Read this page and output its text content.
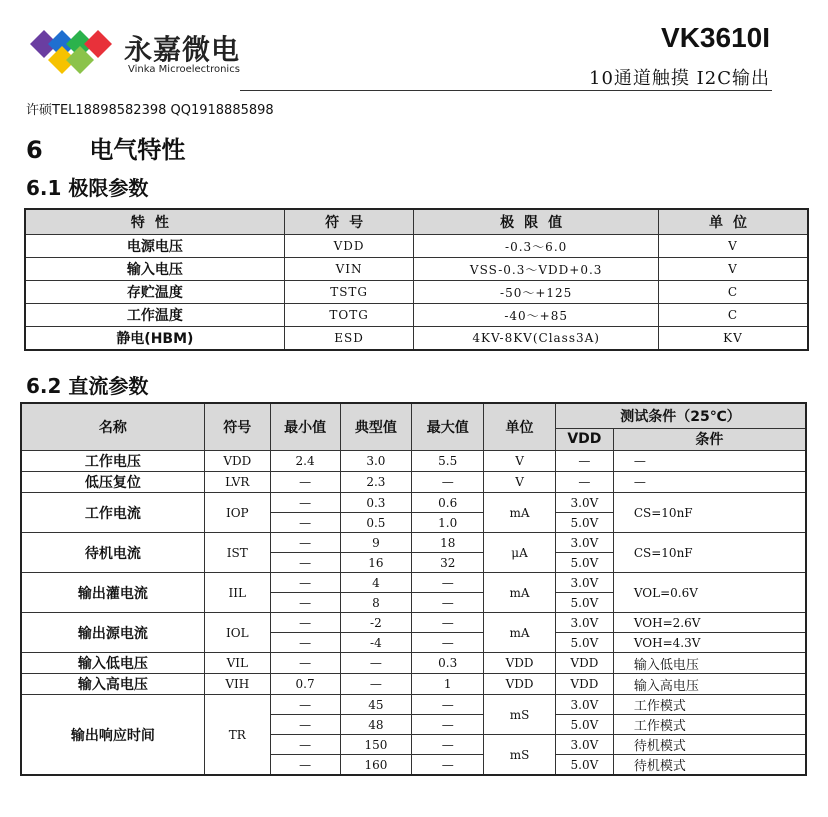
永嘉微电
Vinka Microelectronics
VK3610I
10通道触摸 I2C输出
许硕TEL18898582398 QQ1918885898
6 电气特性
6.1 极限参数
特性	符号	极限值	单位
电源电压	VDD	-0.3～6.0	V
输入电压	VIN	VSS-0.3～VDD+0.3	V
存贮温度	TSTG	-50～+125	C
工作温度	TOTG	-40～+85	C
静电(HBM)	ESD	4KV-8KV(Class3A)	KV
6.2 直流参数
名称	符号	最小值	典型值	最大值	单位	测试条件（25℃）	
						VDD	条件
工作电压	VDD	2.4	3.0	5.5	V	—	—
低压复位	LVR	—	2.3	—	V	—	—
工作电流	IOP	—	0.3	0.6	mA	3.0V	CS=10nF
		—	0.5	1.0		5.0V	
待机电流	IST	—	9	18	μA	3.0V	CS=10nF
		—	16	32		5.0V	
输出灌电流	IIL	—	4	—	mA	3.0V	VOL=0.6V
		—	8	—		5.0V	
输出源电流	IOL	—	-2	—	mA	3.0V	VOH=2.6V
		—	-4	—		5.0V	VOH=4.3V
输入低电压	VIL	—	—	0.3	VDD	VDD	输入低电压
输入高电压	VIH	0.7	—	1	VDD	VDD	输入高电压
输出响应时间	TR	—	45	—	mS	3.0V	工作模式
		—	48	—		5.0V	工作模式
		—	150	—	mS	3.0V	待机模式
		—	160	—		5.0V	待机模式
